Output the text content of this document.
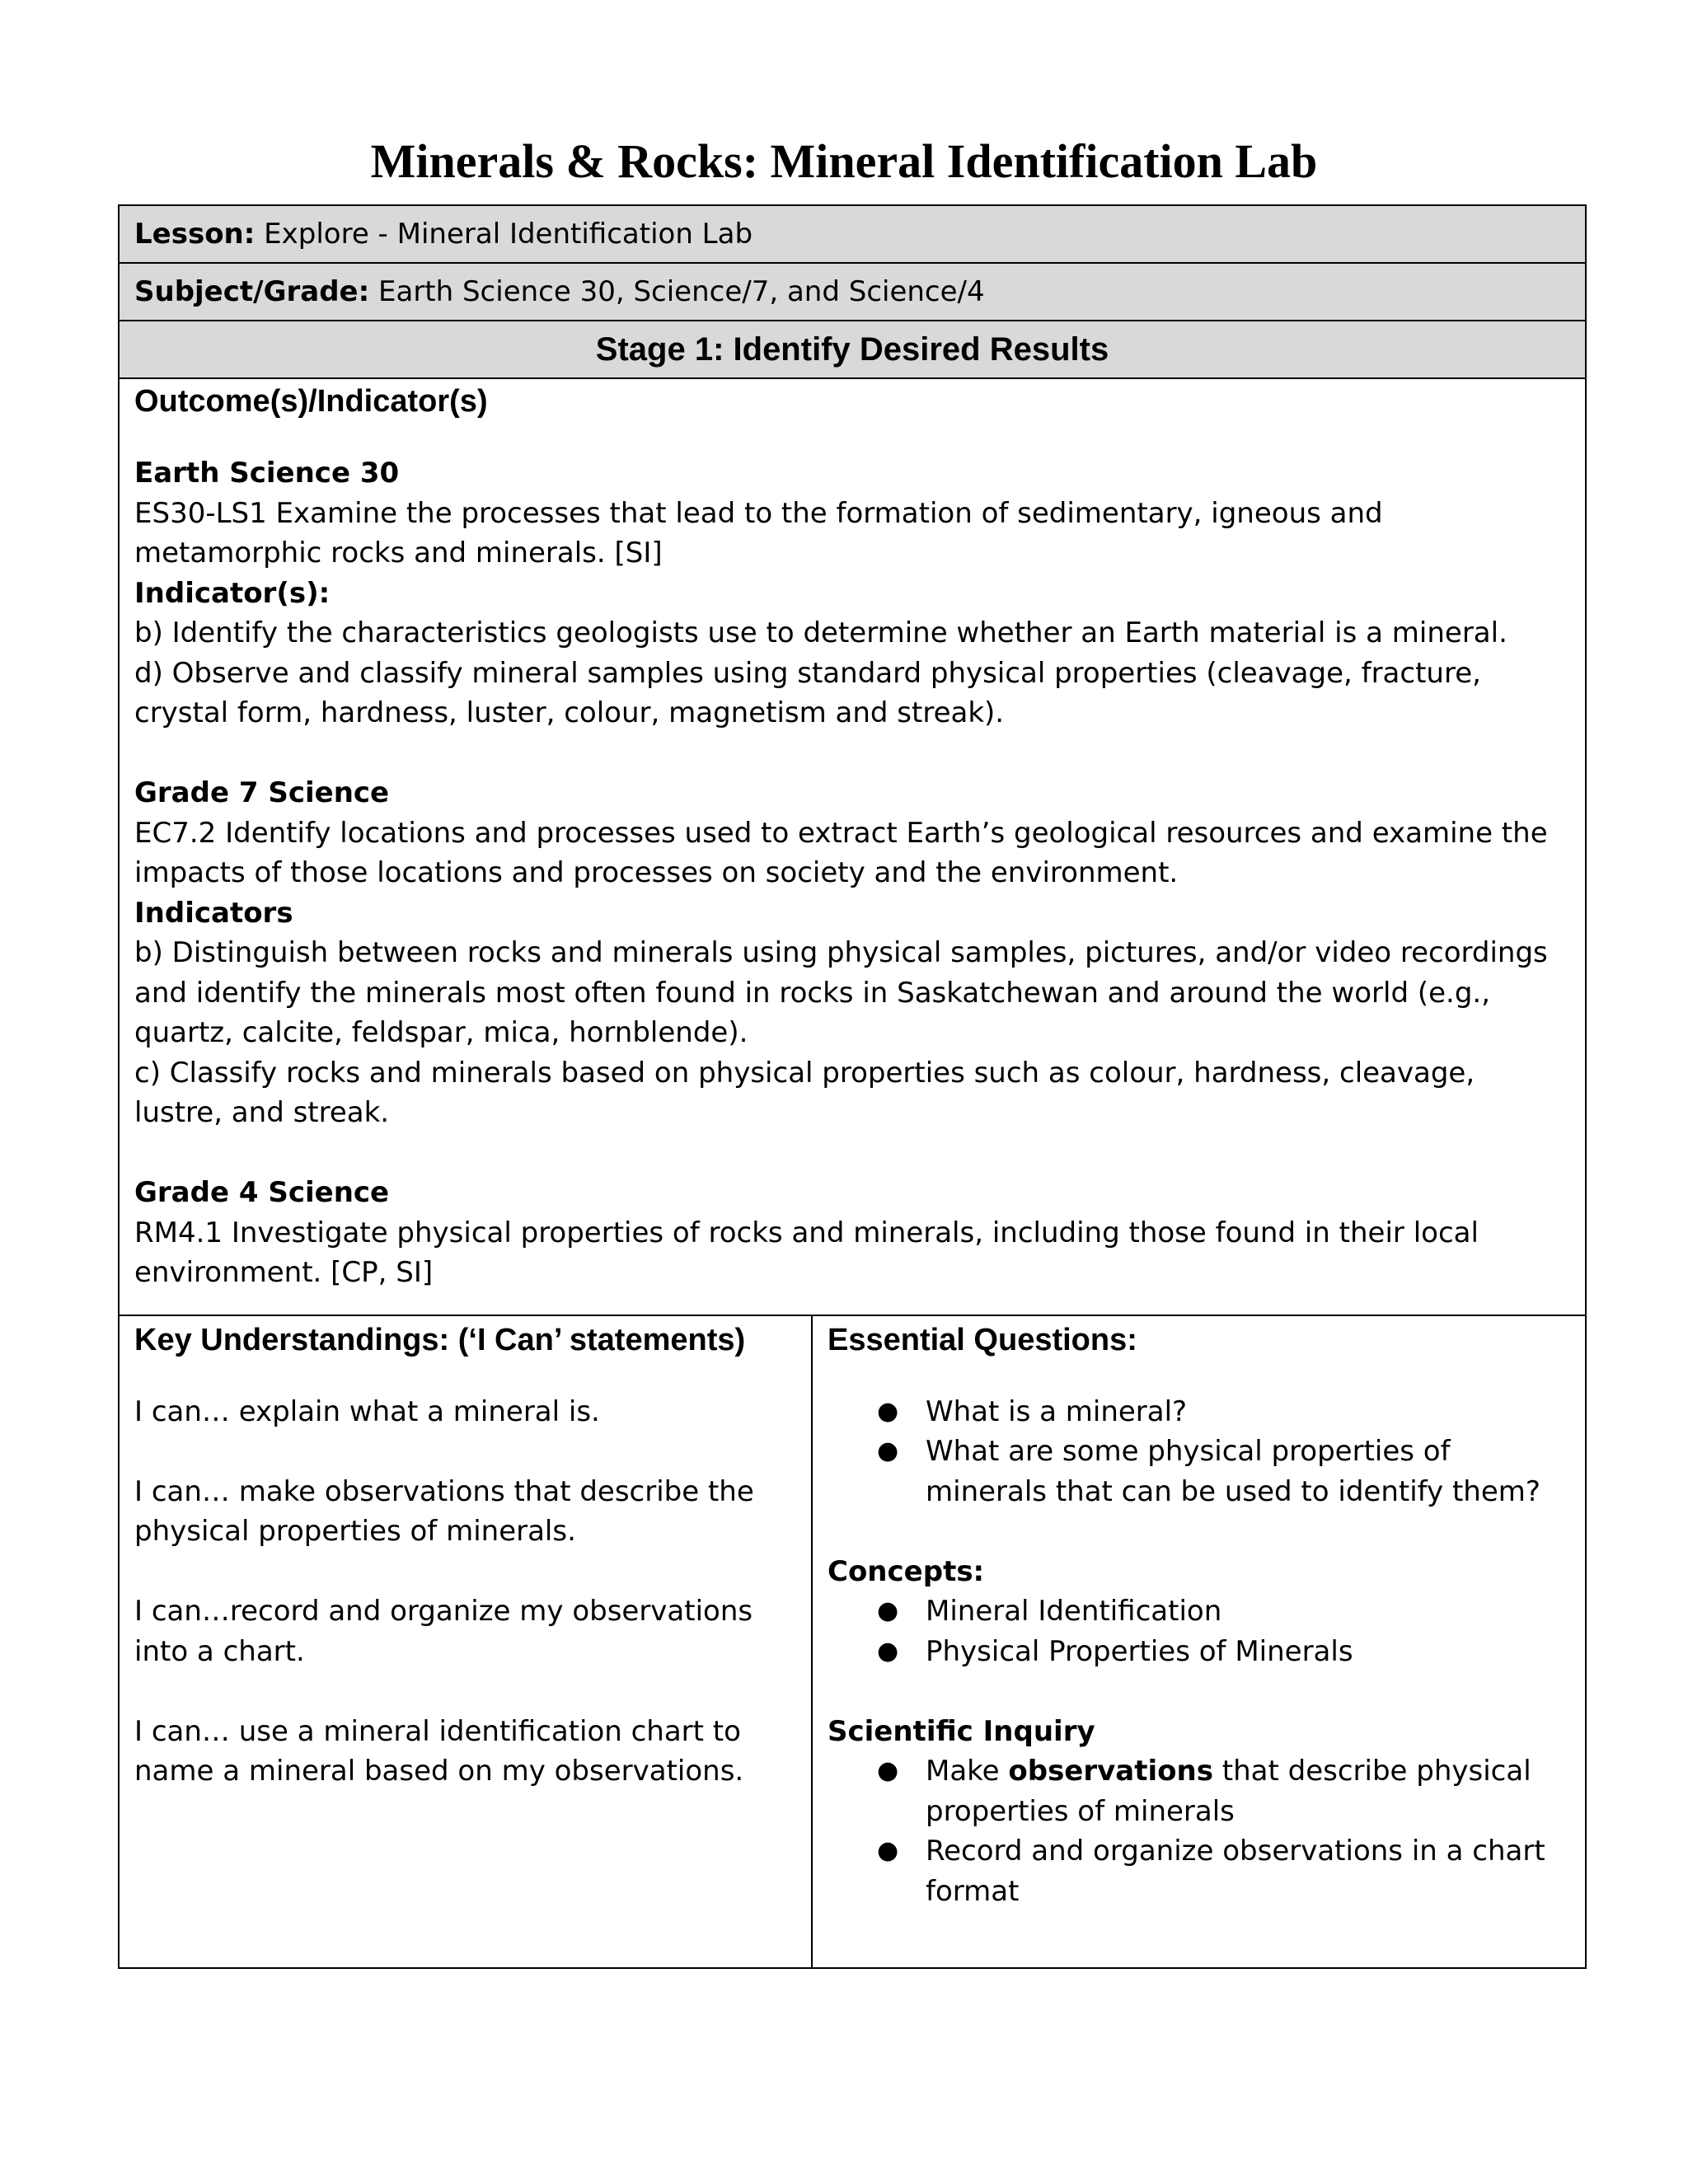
Minerals & Rocks: Mineral Identification Lab
Lesson: Explore - Mineral Identification Lab
Subject/Grade: Earth Science 30, Science/7, and Science/4
Stage 1: Identify Desired Results

Outcome(s)/Indicator(s)
Earth Science 30

ES30-LS1 Examine the processes that lead to the formation of sedimentary, igneous and metamorphic rocks and minerals. [SI]

Indicator(s):

b) Identify the characteristics geologists use to determine whether an Earth material is a mineral.

d) Observe and classify mineral samples using standard physical properties (cleavage, fracture, crystal form, hardness, luster, colour, magnetism and streak).

Grade 7 Science

EC7.2 Identify locations and processes used to extract Earth’s geological resources and examine the impacts of those locations and processes on society and the environment.

Indicators

b) Distinguish between rocks and minerals using physical samples, pictures, and/or video recordings and identify the minerals most often found in rocks in Saskatchewan and around the world (e.g., quartz, calcite, feldspar, mica, hornblende).

c) Classify rocks and minerals based on physical properties such as colour, hardness, cleavage, lustre, and streak.

Grade 4 Science

RM4.1 Investigate physical properties of rocks and minerals, including those found in their local environment. [CP, SI]

Key Understandings: (‘I Can’ statements)

I can… explain what a mineral is.

I can… make observations that describe the physical properties of minerals.

I can…record and organize my observations into a chart.

I can… use a mineral identification chart to name a mineral based on my observations.

Essential Questions:
● What is a mineral?
● What are some physical properties of minerals that can be used to identify them?
Concepts:
● Mineral Identification
● Physical Properties of Minerals
Scientific Inquiry
● Make observations that describe physical properties of minerals
● Record and organize observations in a chart format
